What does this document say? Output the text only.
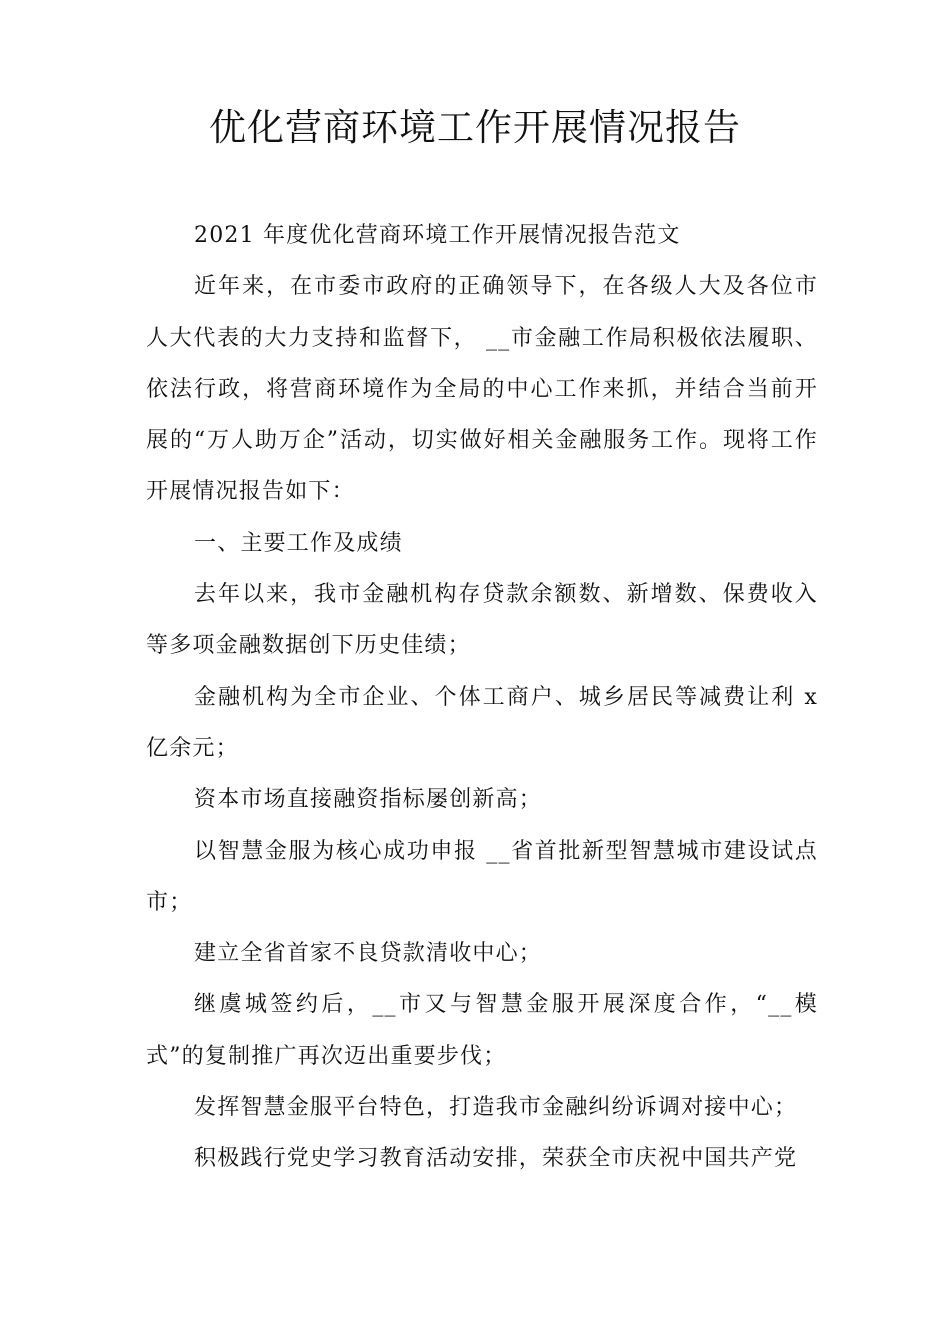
优化营商环境工作开展情况报告

2021 年度优化营商环境工作开展情况报告范文

近年来，在市委市政府的正确领导下，在各级人大及各位市人大代表的大力支持和监督下， __市金融工作局积极依法履职、依法行政，将营商环境作为全局的中心工作来抓，并结合当前开展的“万人助万企”活动，切实做好相关金融服务工作。现将工作开展情况报告如下：

一、主要工作及成绩

去年以来，我市金融机构存贷款余额数、新增数、保费收入等多项金融数据创下历史佳绩；

金融机构为全市企业、个体工商户、城乡居民等减费让利 x 亿余元；

资本市场直接融资指标屡创新高；

以智慧金服为核心成功申报 __省首批新型智慧城市建设试点市；

建立全省首家不良贷款清收中心；

继虞城签约后，__市又与智慧金服开展深度合作，“__模式”的复制推广再次迈出重要步伐；

发挥智慧金服平台特色，打造我市金融纠纷诉调对接中心；

积极践行党史学习教育活动安排，荣获全市庆祝中国共产党
